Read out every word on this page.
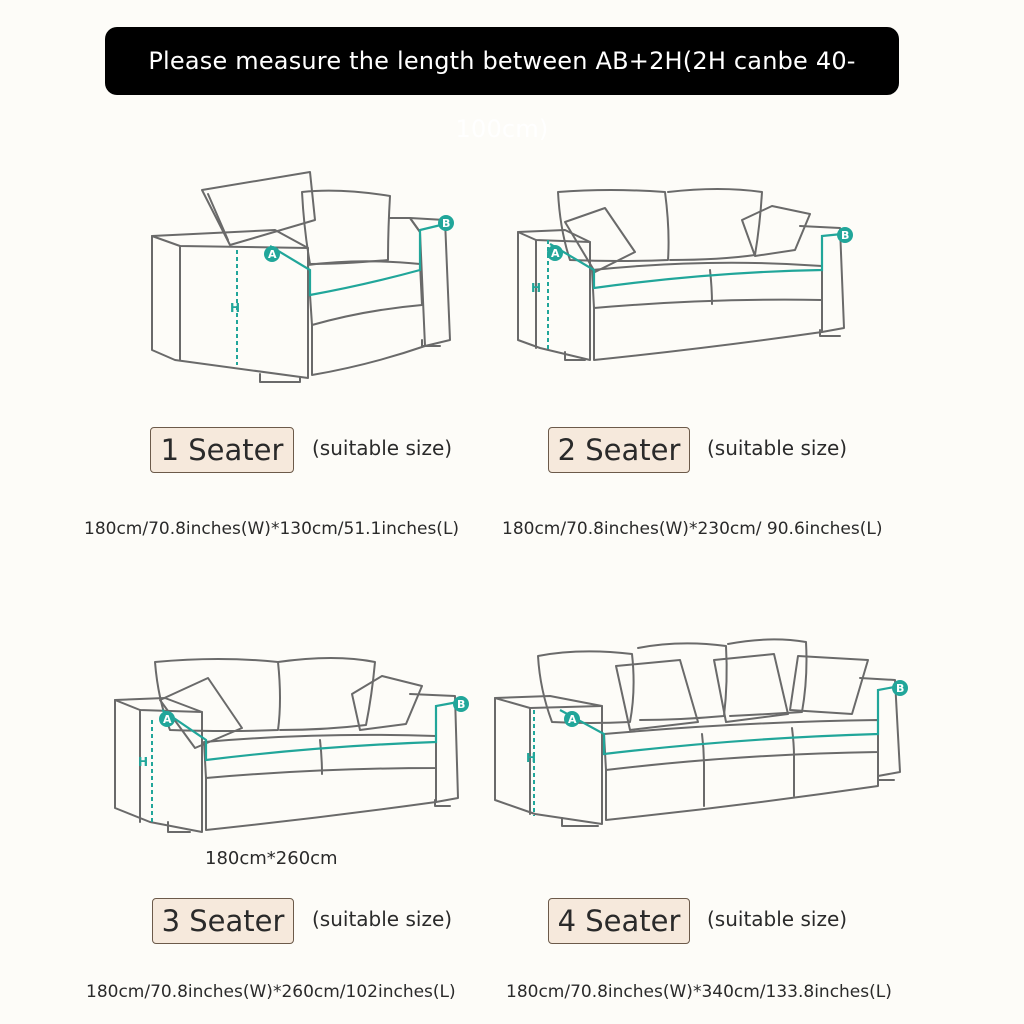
Please measure the length between AB+2H(2H canbe 40-100cm)
A
B
H
A
B
H
A
B
H
A
B
H
1 Seater	(suitable size)
180cm/70.8inches(W)*130cm/51.1inches(L)
2 Seater	(suitable size)
180cm/70.8inches(W)*230cm/ 90.6inches(L)
180cm*260cm
3 Seater	(suitable size)
180cm/70.8inches(W)*260cm/102inches(L)
4 Seater	(suitable size)
180cm/70.8inches(W)*340cm/133.8inches(L)
